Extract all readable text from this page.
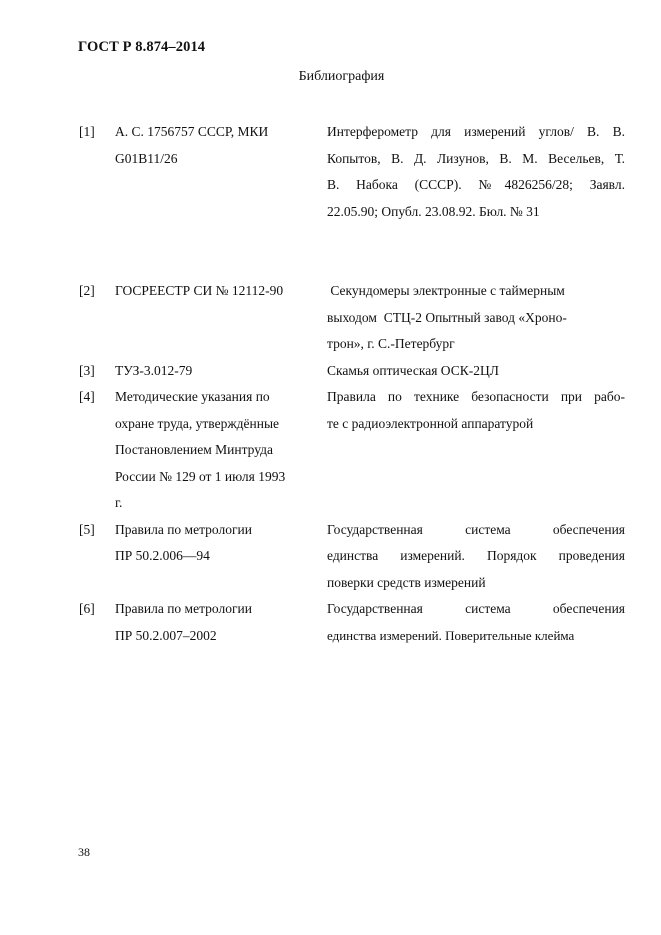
ГОСТ Р 8.874–2014
Библиография
[1] А. С. 1756757 СССР, МКИ
G01B11/26
Интерферометр для измерений углов/ В. В.
Копытов, В. Д. Лизунов, В. М. Весельев, Т.
В. Набока (СССР). №4826256/28; Заявл.
22.05.90; Опубл. 23.08.92. Бюл. № 31
[2] ГОСРЕЕСТР СИ № 12112-90	Секундомеры электронные с таймерным
выходом  СТЦ-2 Опытный завод «Хроно-
трон», г. С.-Петербург
[3] ТУЗ-3.012-79	Скамья оптическая ОСК-2ЦЛ
[4] Методические указания по
охране труда, утверждённые
Постановлением Минтруда
России № 129 от 1 июля 1993
г.
Правила по технике безопасности при рабо-
те с радиоэлектронной аппаратурой
[5] Правила по метрологии
ПР 50.2.006—94
Государственная система обеспечения
единства измерений. Порядок проведения
поверки средств измерений
[6] Правила по метрологии
ПР 50.2.007–2002
Государственная система обеспечения
единства измерений. Поверительные клейма
38
